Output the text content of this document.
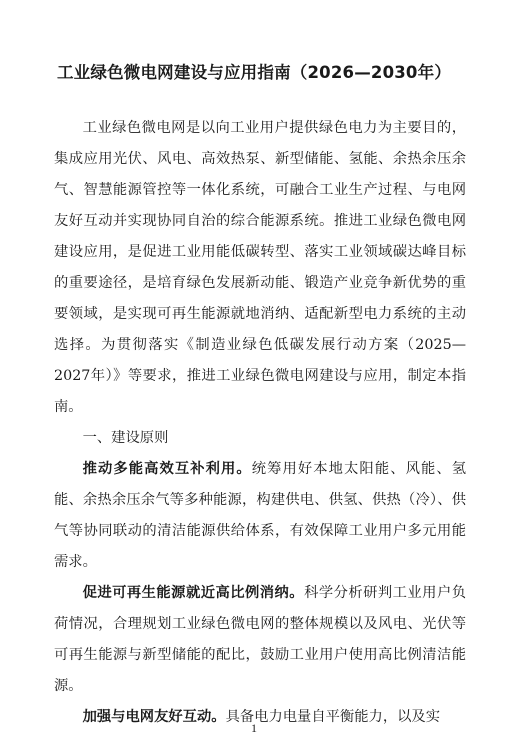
工业绿色微电网建设与应用指南（2026—2030年）

工业绿色微电网是以向工业用户提供绿色电力为主要目的，集成应用光伏、风电、高效热泵、新型储能、氢能、余热余压余气、智慧能源管控等一体化系统，可融合工业生产过程、与电网友好互动并实现协同自治的综合能源系统。推进工业绿色微电网建设应用，是促进工业用能低碳转型、落实工业领域碳达峰目标的重要途径，是培育绿色发展新动能、锻造产业竞争新优势的重要领域，是实现可再生能源就地消纳、适配新型电力系统的主动选择。为贯彻落实《制造业绿色低碳发展行动方案（2025—2027年）》等要求，推进工业绿色微电网建设与应用，制定本指南。

一、建设原则

推动多能高效互补利用。统筹用好本地太阳能、风能、氢能、余热余压余气等多种能源，构建供电、供氢、供热（冷）、供气等协同联动的清洁能源供给体系，有效保障工业用户多元用能需求。

促进可再生能源就近高比例消纳。科学分析研判工业用户负荷情况，合理规划工业绿色微电网的整体规模以及风电、光伏等可再生能源与新型储能的配比，鼓励工业用户使用高比例清洁能源。

加强与电网友好互动。具备电力电量自平衡能力，以及实

1
